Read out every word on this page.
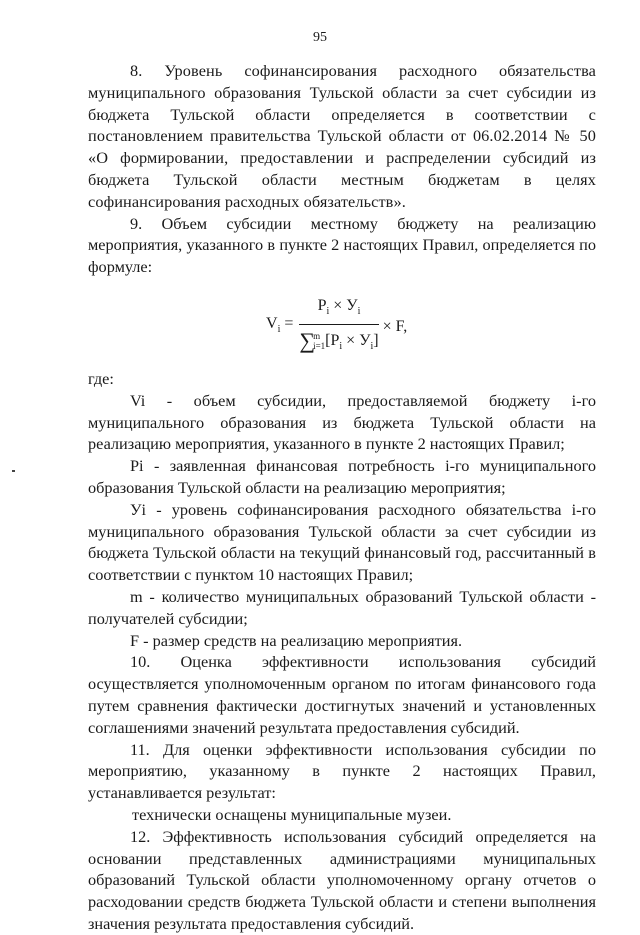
95

8. Уровень софинансирования расходного обязательства муниципального образования Тульской области за счет субсидии из бюджета Тульской области определяется в соответствии с постановлением правительства Тульской области от 06.02.2014 № 50 «О формировании, предоставлении и распределении субсидий из бюджета Тульской области местным бюджетам в целях софинансирования расходных обязательств».

9. Объем субсидии местному бюджету на реализацию мероприятия, указанного в пункте 2 настоящих Правил, определяется по формуле:

$V_i = P_i \times У_i$
∑
m
i=1 $[P_i \times У_i] \times F$,

где:

Vi - объем субсидии, предоставляемой бюджету i-го муниципального образования из бюджета Тульской области на реализацию мероприятия, указанного в пункте 2 настоящих Правил;

Pi - заявленная финансовая потребность i-го муниципального образования Тульской области на реализацию мероприятия;

Уi - уровень софинансирования расходного обязательства i-го муниципального образования Тульской области за счет субсидии из бюджета Тульской области на текущий финансовый год, рассчитанный в соответствии с пунктом 10 настоящих Правил;

m - количество муниципальных образований Тульской области - получателей субсидии;

F - размер средств на реализацию мероприятия.

10. Оценка эффективности использования субсидий осуществляется уполномоченным органом по итогам финансового года путем сравнения фактически достигнутых значений и установленных соглашениями значений результата предоставления субсидий.

11. Для оценки эффективности использования субсидии по мероприятию, указанному в пункте 2 настоящих Правил, устанавливается результат:

технически оснащены муниципальные музеи.

12. Эффективность использования субсидий определяется на основании представленных администрациями муниципальных образований Тульской области уполномоченному органу отчетов о расходовании средств бюджета Тульской области и степени выполнения значения результата предоставления субсидий.
